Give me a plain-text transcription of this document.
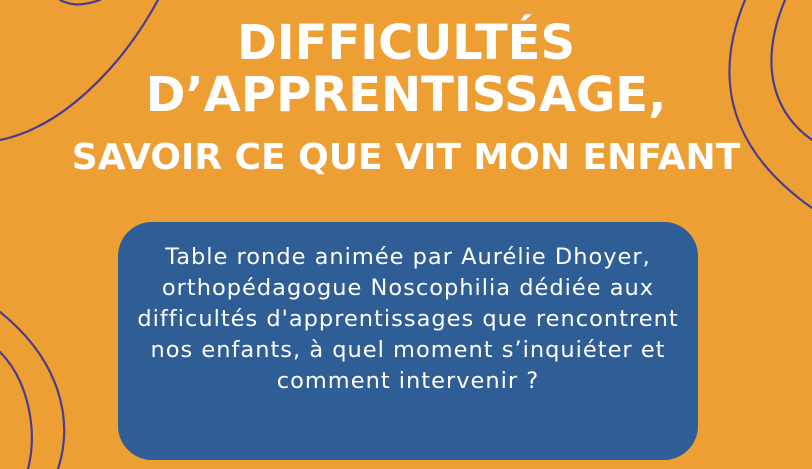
DIFFICULTÉS
D’APPRENTISSAGE,
SAVOIR CE QUE VIT MON ENFANT

Table ronde animée par Aurélie Dhoyer, orthopédagogue Noscophilia dédiée aux difficultés d'apprentissages que rencontrent nos enfants, à quel moment s’inquiéter et comment intervenir ?
